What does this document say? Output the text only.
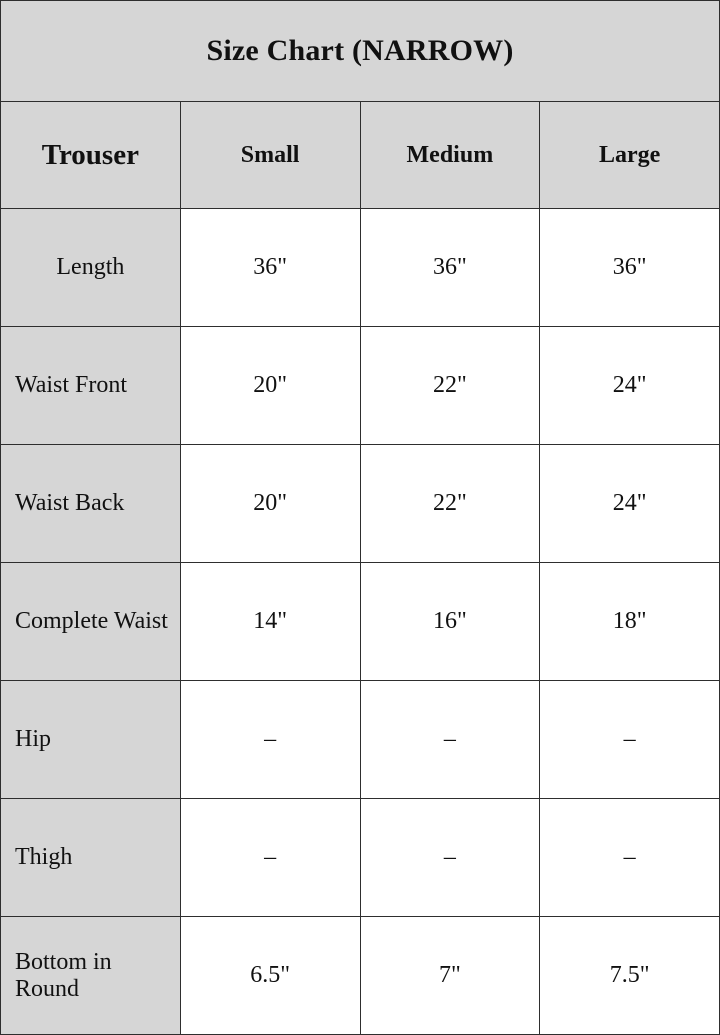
Size Chart (NARROW)			
Trouser	Small	Medium	Large
Length	36"	36"	36"
Waist Front	20"	22"	24"
Waist Back	20"	22"	24"
Complete Waist	14"	16"	18"
Hip	–	–	–
Thigh	–	–	–
Bottom in Round	6.5"	7"	7.5"
